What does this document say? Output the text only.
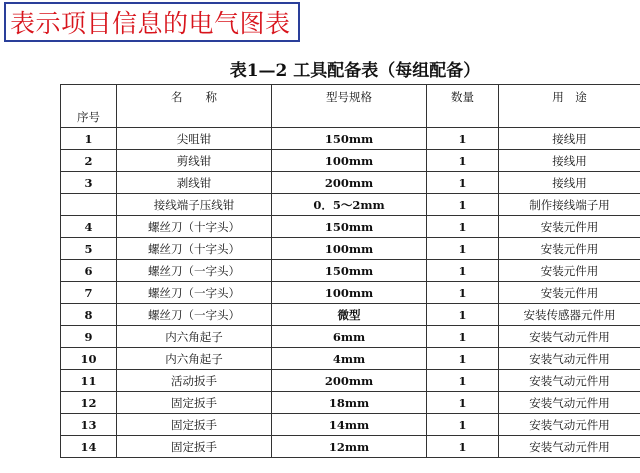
表示项目信息的电气图表
表1—2 工具配备表（每组配备）
序号	名　　称	型号规格	数量	用　途

1	尖咀钳	150mm	1	接线用
2	剪线钳	100mm	1	接线用
3	剥线钳	200mm	1	接线用
	接线端子压线钳	0．5～2mm	1	制作接线端子用
4	螺丝刀（十字头）	150mm	1	安装元件用
5	螺丝刀（十字头）	100mm	1	安装元件用
6	螺丝刀（一字头）	150mm	1	安装元件用
7	螺丝刀（一字头）	100mm	1	安装元件用
8	螺丝刀（一字头）	微型	1	安装传感器元件用
9	内六角起子	6mm	1	安装气动元件用
10	内六角起子	4mm	1	安装气动元件用
11	活动扳手	200mm	1	安装气动元件用
12	固定扳手	18mm	1	安装气动元件用
13	固定扳手	14mm	1	安装气动元件用
14	固定扳手	12mm	1	安装气动元件用
